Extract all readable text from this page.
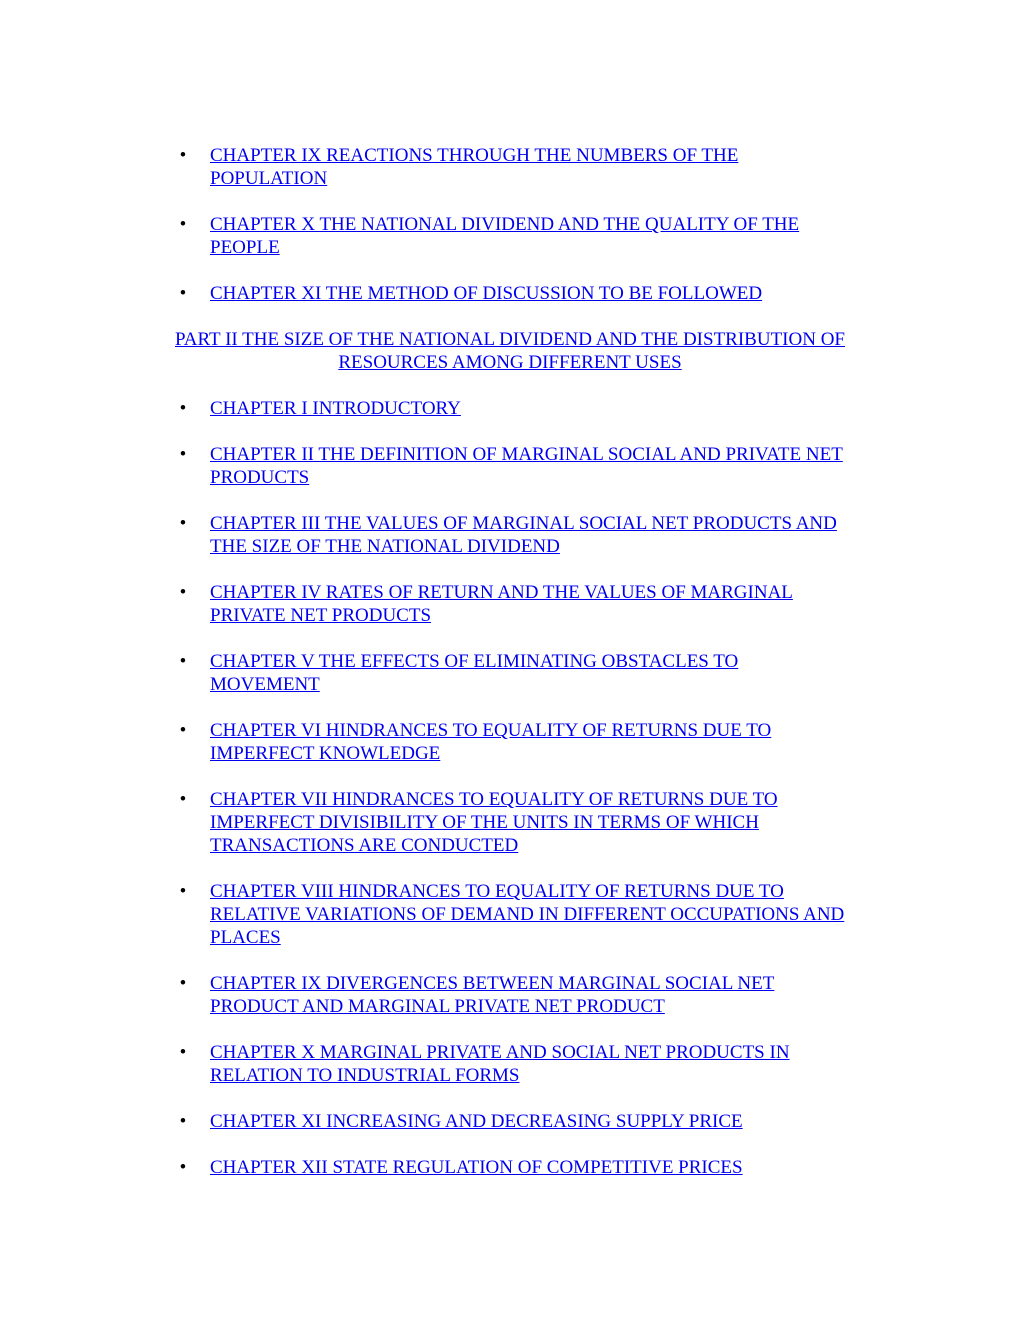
• CHAPTER IX REACTIONS THROUGH THE NUMBERS OF THE POPULATION
• CHAPTER X THE NATIONAL DIVIDEND AND THE QUALITY OF THE PEOPLE
• CHAPTER XI THE METHOD OF DISCUSSION TO BE FOLLOWED
PART II THE SIZE OF THE NATIONAL DIVIDEND AND THE DISTRIBUTION OF RESOURCES AMONG DIFFERENT USES
• CHAPTER I INTRODUCTORY
• CHAPTER II THE DEFINITION OF MARGINAL SOCIAL AND PRIVATE NET PRODUCTS
• CHAPTER III THE VALUES OF MARGINAL SOCIAL NET PRODUCTS AND THE SIZE OF THE NATIONAL DIVIDEND
• CHAPTER IV RATES OF RETURN AND THE VALUES OF MARGINAL PRIVATE NET PRODUCTS
• CHAPTER V THE EFFECTS OF ELIMINATING OBSTACLES TO MOVEMENT
• CHAPTER VI HINDRANCES TO EQUALITY OF RETURNS DUE TO IMPERFECT KNOWLEDGE
• CHAPTER VII HINDRANCES TO EQUALITY OF RETURNS DUE TO IMPERFECT DIVISIBILITY OF THE UNITS IN TERMS OF WHICH TRANSACTIONS ARE CONDUCTED
• CHAPTER VIII HINDRANCES TO EQUALITY OF RETURNS DUE TO RELATIVE VARIATIONS OF DEMAND IN DIFFERENT OCCUPATIONS AND PLACES
• CHAPTER IX DIVERGENCES BETWEEN MARGINAL SOCIAL NET PRODUCT AND MARGINAL PRIVATE NET PRODUCT
• CHAPTER X MARGINAL PRIVATE AND SOCIAL NET PRODUCTS IN RELATION TO INDUSTRIAL FORMS
• CHAPTER XI INCREASING AND DECREASING SUPPLY PRICE
• CHAPTER XII STATE REGULATION OF COMPETITIVE PRICES
